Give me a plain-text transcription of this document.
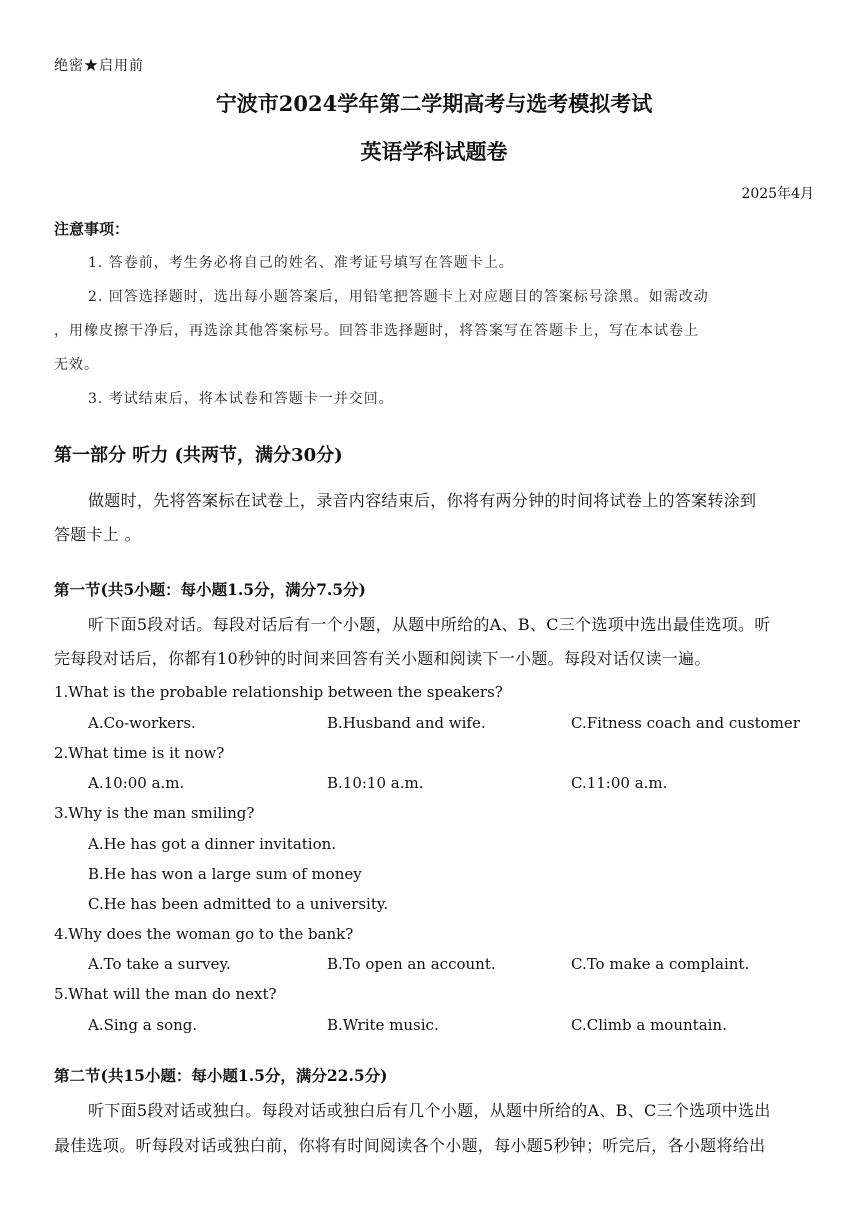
绝密★启用前
宁波市2024学年第二学期高考与选考模拟考试
英语学科试题卷
2025年4月
注意事项：
1. 答卷前，考生务必将自己的姓名、准考证号填写在答题卡上。
2. 回答选择题时，选出每小题答案后，用铅笔把答题卡上对应题目的答案标号涂黑。如需改动
，用橡皮擦干净后，再选涂其他答案标号。回答非选择题时，将答案写在答题卡上，写在本试卷上
无效。
3. 考试结束后，将本试卷和答题卡一并交回。
第一部分 听力 (共两节，满分30分)
做题时，先将答案标在试卷上，录音内容结束后，你将有两分钟的时间将试卷上的答案转涂到
答题卡上 。
第一节(共5小题：每小题1.5分，满分7.5分)
听下面5段对话。每段对话后有一个小题，从题中所给的A、B、C三个选项中选出最佳选项。听
完每段对话后，你都有10秒钟的时间来回答有关小题和阅读下一小题。每段对话仅读一遍。
1.What is the probable relationship between the speakers?
A.Co-workers.	B.Husband and wife.	C.Fitness coach and customer
2.What time is it now?
A.10:00 a.m.	B.10:10 a.m.	C.11:00 a.m.
3.Why is the man smiling?
A.He has got a dinner invitation.
B.He has won a large sum of money
C.He has been admitted to a university.
4.Why does the woman go to the bank?
A.To take a survey.	B.To open an account.	C.To make a complaint.
5.What will the man do next?
A.Sing a song.	B.Write music.	C.Climb a mountain.
第二节(共15小题：每小题1.5分，满分22.5分)
听下面5段对话或独白。每段对话或独白后有几个小题，从题中所给的A、B、C三个选项中选出
最佳选项。听每段对话或独白前，你将有时间阅读各个小题，每小题5秒钟；听完后，各小题将给出
